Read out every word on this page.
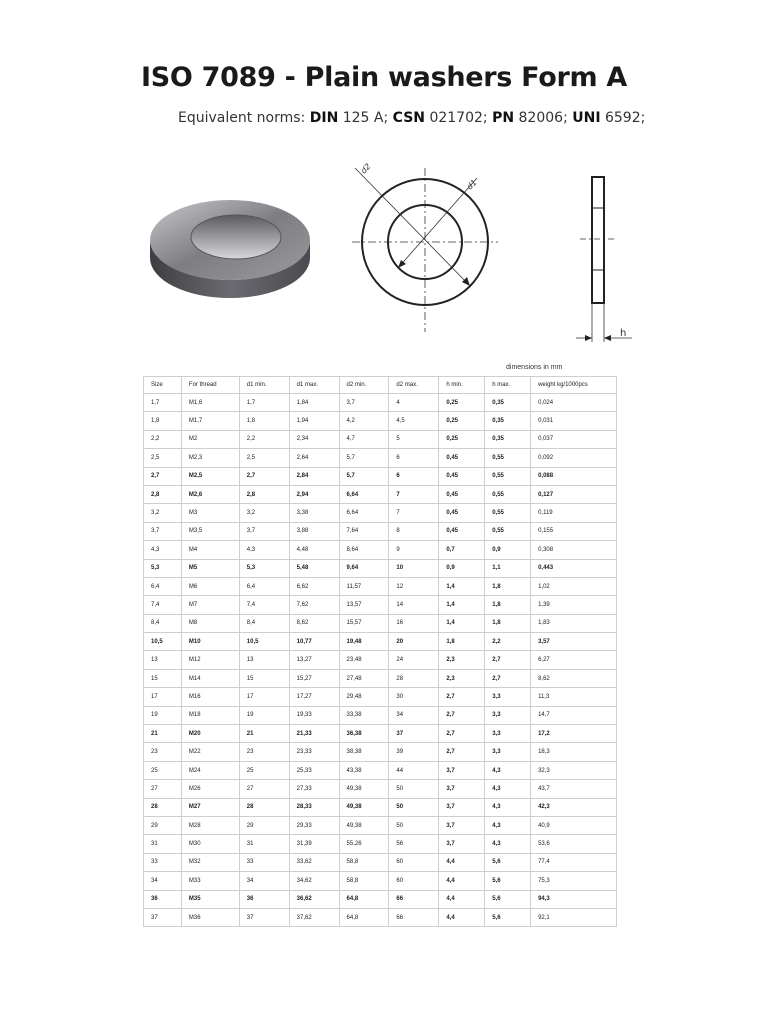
ISO 7089 - Plain washers Form A
Equivalent norms: DIN 125 A; CSN 021702; PN 82006; UNI 6592;
d2
d1
h
dimensions in mm
Size	For thread	d1 min.	d1 max.	d2 min.	d2 max.	h min.	h max.	weight kg/1000pcs
1,7	M1,6	1,7	1,84	3,7	4	0,25	0,35	0,024
1,8	M1,7	1,8	1,94	4,2	4,5	0,25	0,35	0,031
2,2	M2	2,2	2,34	4,7	5	0,25	0,35	0,037
2,5	M2,3	2,5	2,64	5,7	6	0,45	0,55	0,092
2,7	M2,5	2,7	2,84	5,7	6	0,45	0,55	0,088
2,8	M2,6	2,8	2,94	6,64	7	0,45	0,55	0,127
3,2	M3	3,2	3,38	6,64	7	0,45	0,55	0,119
3,7	M3,5	3,7	3,88	7,64	8	0,45	0,55	0,155
4,3	M4	4,3	4,48	8,64	9	0,7	0,9	0,308
5,3	M5	5,3	5,48	9,64	10	0,9	1,1	0,443
6,4	M6	6,4	6,62	11,57	12	1,4	1,8	1,02
7,4	M7	7,4	7,62	13,57	14	1,4	1,8	1,39
8,4	M8	8,4	8,62	15,57	16	1,4	1,8	1,83
10,5	M10	10,5	10,77	19,48	20	1,8	2,2	3,57
13	M12	13	13,27	23,48	24	2,3	2,7	6,27
15	M14	15	15,27	27,48	28	2,3	2,7	8,62
17	M16	17	17,27	29,48	30	2,7	3,3	11,3
19	M18	19	19,33	33,38	34	2,7	3,3	14,7
21	M20	21	21,33	36,38	37	2,7	3,3	17,2
23	M22	23	23,33	38,38	39	2,7	3,3	18,3
25	M24	25	25,33	43,38	44	3,7	4,3	32,3
27	M26	27	27,33	49,38	50	3,7	4,3	43,7
28	M27	28	28,33	49,38	50	3,7	4,3	42,3
29	M28	29	29,33	49,38	50	3,7	4,3	40,9
31	M30	31	31,39	55,26	56	3,7	4,3	53,6
33	M32	33	33,62	58,8	60	4,4	5,6	77,4
34	M33	34	34,62	58,8	60	4,4	5,6	75,3
36	M35	36	36,62	64,8	66	4,4	5,6	94,3
37	M36	37	37,62	64,8	66	4,4	5,6	92,1
